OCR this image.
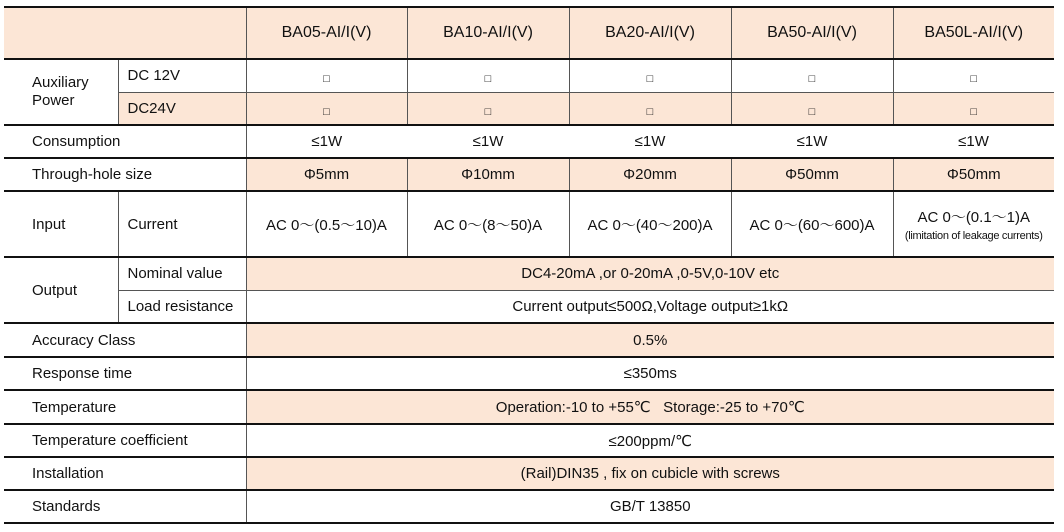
		BA05-AI/I(V)	BA10-AI/I(V)	BA20-AI/I(V)	BA50-AI/I(V)	BA50L-AI/I(V)
Auxiliary Power	DC 12V	□	□	□	□	□
	DC24V	□	□	□	□	□
Consumption		≤1W	≤1W	≤1W	≤1W	≤1W
Through-hole size		Φ5mm	Φ10mm	Φ20mm	Φ50mm	Φ50mm
Input	Current	AC 0～(0.5～10)A	AC 0～(8～50)A	AC 0～(40～200)A	AC 0～(60～600)A	AC 0～(0.1～1)A
(limitation of leakage currents)

Output	Nominal value	DC4-20mA ,or 0-20mA ,0-5V,0-10V etc				
	Load resistance	Current output≤500Ω,Voltage output≥1kΩ				
Accuracy Class		0.5%				
Response time		≤350ms				
Temperature		Operation:-10 to +55℃   Storage:-25 to +70℃				
Temperature coefficient		≤200ppm/℃				
Installation		(Rail)DIN35 , fix on cubicle with screws				
Standards		GB/T 13850				
